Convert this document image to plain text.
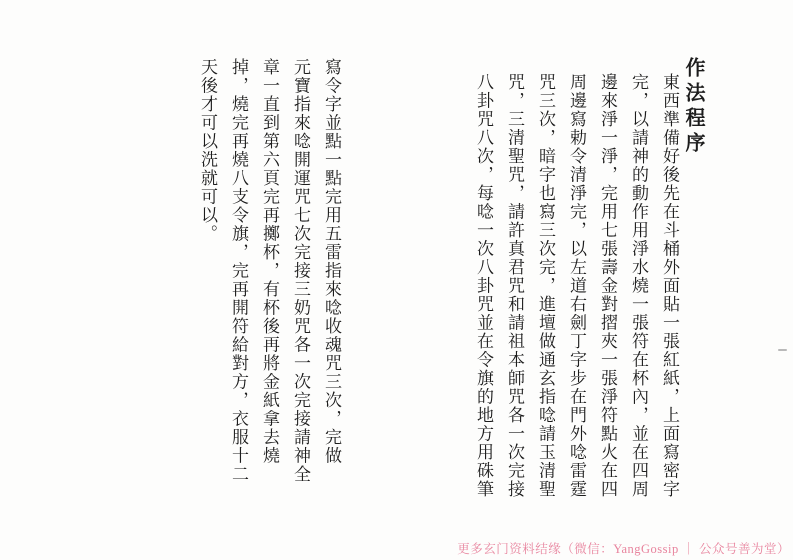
作法程序
東西準備好後先在斗桶外面貼一張紅紙，上面寫密字
完，以請神的動作用淨水燒一張符在杯內，並在四周
邊來淨一淨，完用七張壽金對摺夾一張淨符點火在四
周邊寫勅令清淨完，以左道右劍丁字步在門外唸雷霆
咒三次，暗字也寫三次完，進壇做通玄指唸請玉清聖
咒，三清聖咒，請許真君咒和請祖本師咒各一次完接
八卦咒八次，每唸一次八卦咒並在令旗的地方用硃筆
寫令字並點一點完用五雷指來唸收魂咒三次，完做
元寶指來唸開運咒七次完接三奶咒各一次完接請神全
章一直到第六頁完再擲杯，有杯後再將金紙拿去燒
掉，燒完再燒八支令旗，完再開符給對方，衣服十二
天後才可以洗就可以。
更多玄门资料结缘（微信：YangGossip ｜ 公众号善为堂）
